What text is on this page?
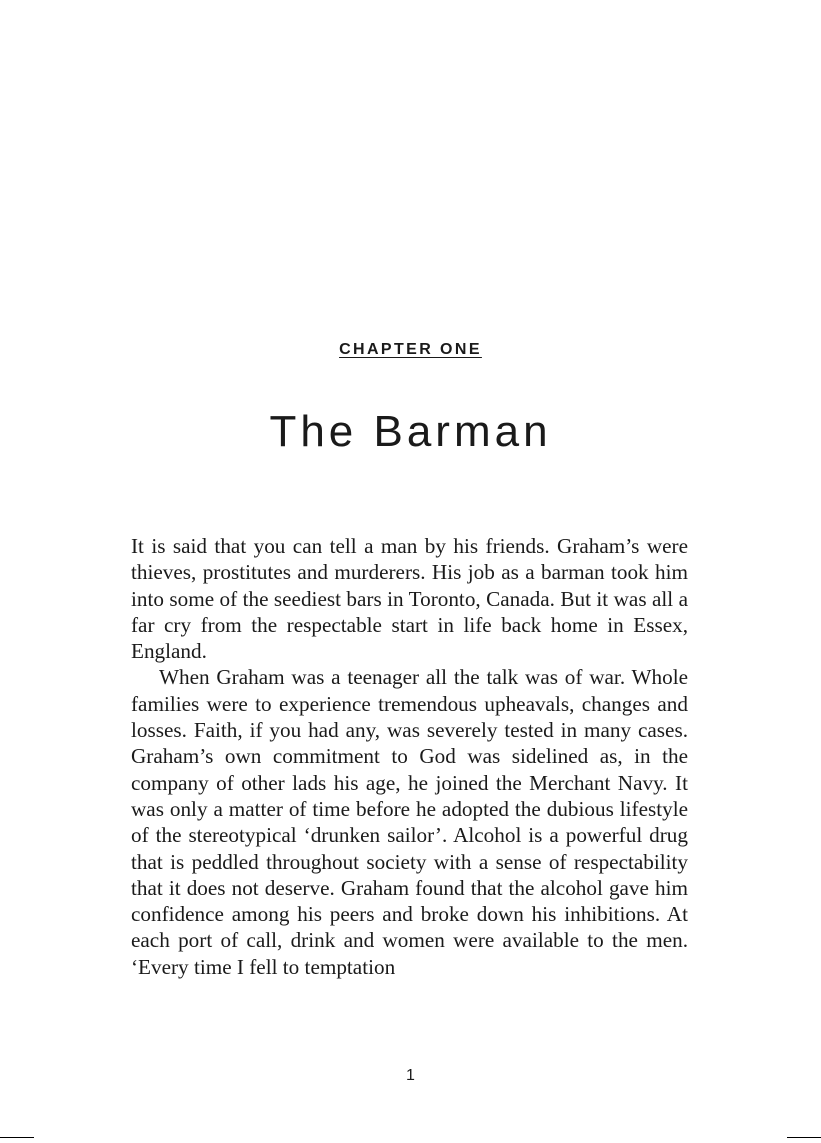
CHAPTER ONE
The Barman

It is said that you can tell a man by his friends. Graham’s were thieves, prostitutes and murderers. His job as a barman took him into some of the seediest bars in Toronto, Canada. But it was all a far cry from the respectable start in life back home in Essex, England.

When Graham was a teenager all the talk was of war. Whole families were to experience tremendous upheavals, changes and losses. Faith, if you had any, was severely tested in many cases. Graham’s own commitment to God was sidelined as, in the company of other lads his age, he joined the Merchant Navy. It was only a matter of time before he adopted the dubious lifestyle of the stereotypical ‘drunken sailor’. Alcohol is a powerful drug that is peddled throughout society with a sense of respectability that it does not deserve. Graham found that the alcohol gave him confidence among his peers and broke down his inhibitions. At each port of call, drink and women were available to the men. ‘Every time I fell to temptation

1
